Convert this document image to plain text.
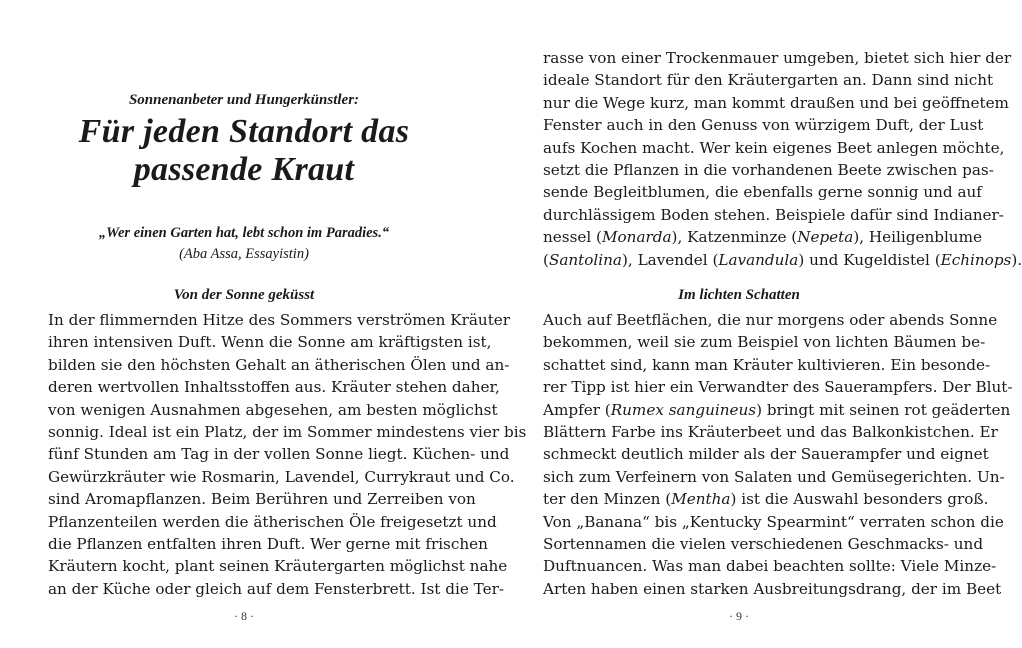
Sonnenanbeter und Hungerkünstler:
Für jeden Standort das
passende Kraut
„Wer einen Garten hat, lebt schon im Paradies.“
(Aba Assa, Essayistin)
Von der Sonne geküsst
In der flimmernden Hitze des Sommers verströmen Kräuter
ihren intensiven Duft. Wenn die Sonne am kräftigsten ist,
bilden sie den höchsten Gehalt an ätherischen Ölen und an-
deren wertvollen Inhaltsstoffen aus. Kräuter stehen daher,
von wenigen Ausnahmen abgesehen, am besten möglichst
sonnig. Ideal ist ein Platz, der im Sommer mindestens vier bis
fünf Stunden am Tag in der vollen Sonne liegt. Küchen- und
Gewürzkräuter wie Rosmarin, Lavendel, Currykraut und Co.
sind Aromapflanzen. Beim Berühren und Zerreiben von
Pflanzenteilen werden die ätherischen Öle freigesetzt und
die Pflanzen entfalten ihren Duft. Wer gerne mit frischen
Kräutern kocht, plant seinen Kräutergarten möglichst nahe
an der Küche oder gleich auf dem Fensterbrett. Ist die Ter-
· 8 ·
rasse von einer Trockenmauer umgeben, bietet sich hier der
ideale Standort für den Kräutergarten an. Dann sind nicht
nur die Wege kurz, man kommt draußen und bei geöffnetem
Fenster auch in den Genuss von würzigem Duft, der Lust
aufs Kochen macht. Wer kein eigenes Beet anlegen möchte,
setzt die Pflanzen in die vorhandenen Beete zwischen pas-
sende Begleitblumen, die ebenfalls gerne sonnig und auf
durchlässigem Boden stehen. Beispiele dafür sind Indianer-
nessel (Monarda), Katzenminze (Nepeta), Heiligenblume
(Santolina), Lavendel (Lavandula) und Kugeldistel (Echinops).
Im lichten Schatten
Auch auf Beetflächen, die nur morgens oder abends Sonne
bekommen, weil sie zum Beispiel von lichten Bäumen be-
schattet sind, kann man Kräuter kultivieren. Ein besonde-
rer Tipp ist hier ein Verwandter des Sauerampfers. Der Blut-
Ampfer (Rumex sanguineus) bringt mit seinen rot geäderten
Blättern Farbe ins Kräuterbeet und das Balkonkistchen. Er
schmeckt deutlich milder als der Sauerampfer und eignet
sich zum Verfeinern von Salaten und Gemüsegerichten. Un-
ter den Minzen (Mentha) ist die Auswahl besonders groß.
Von „Banana“ bis „Kentucky Spearmint“ verraten schon die
Sortennamen die vielen verschiedenen Geschmacks- und
Duftnuancen. Was man dabei beachten sollte: Viele Minze-
Arten haben einen starken Ausbreitungsdrang, der im Beet
· 9 ·
